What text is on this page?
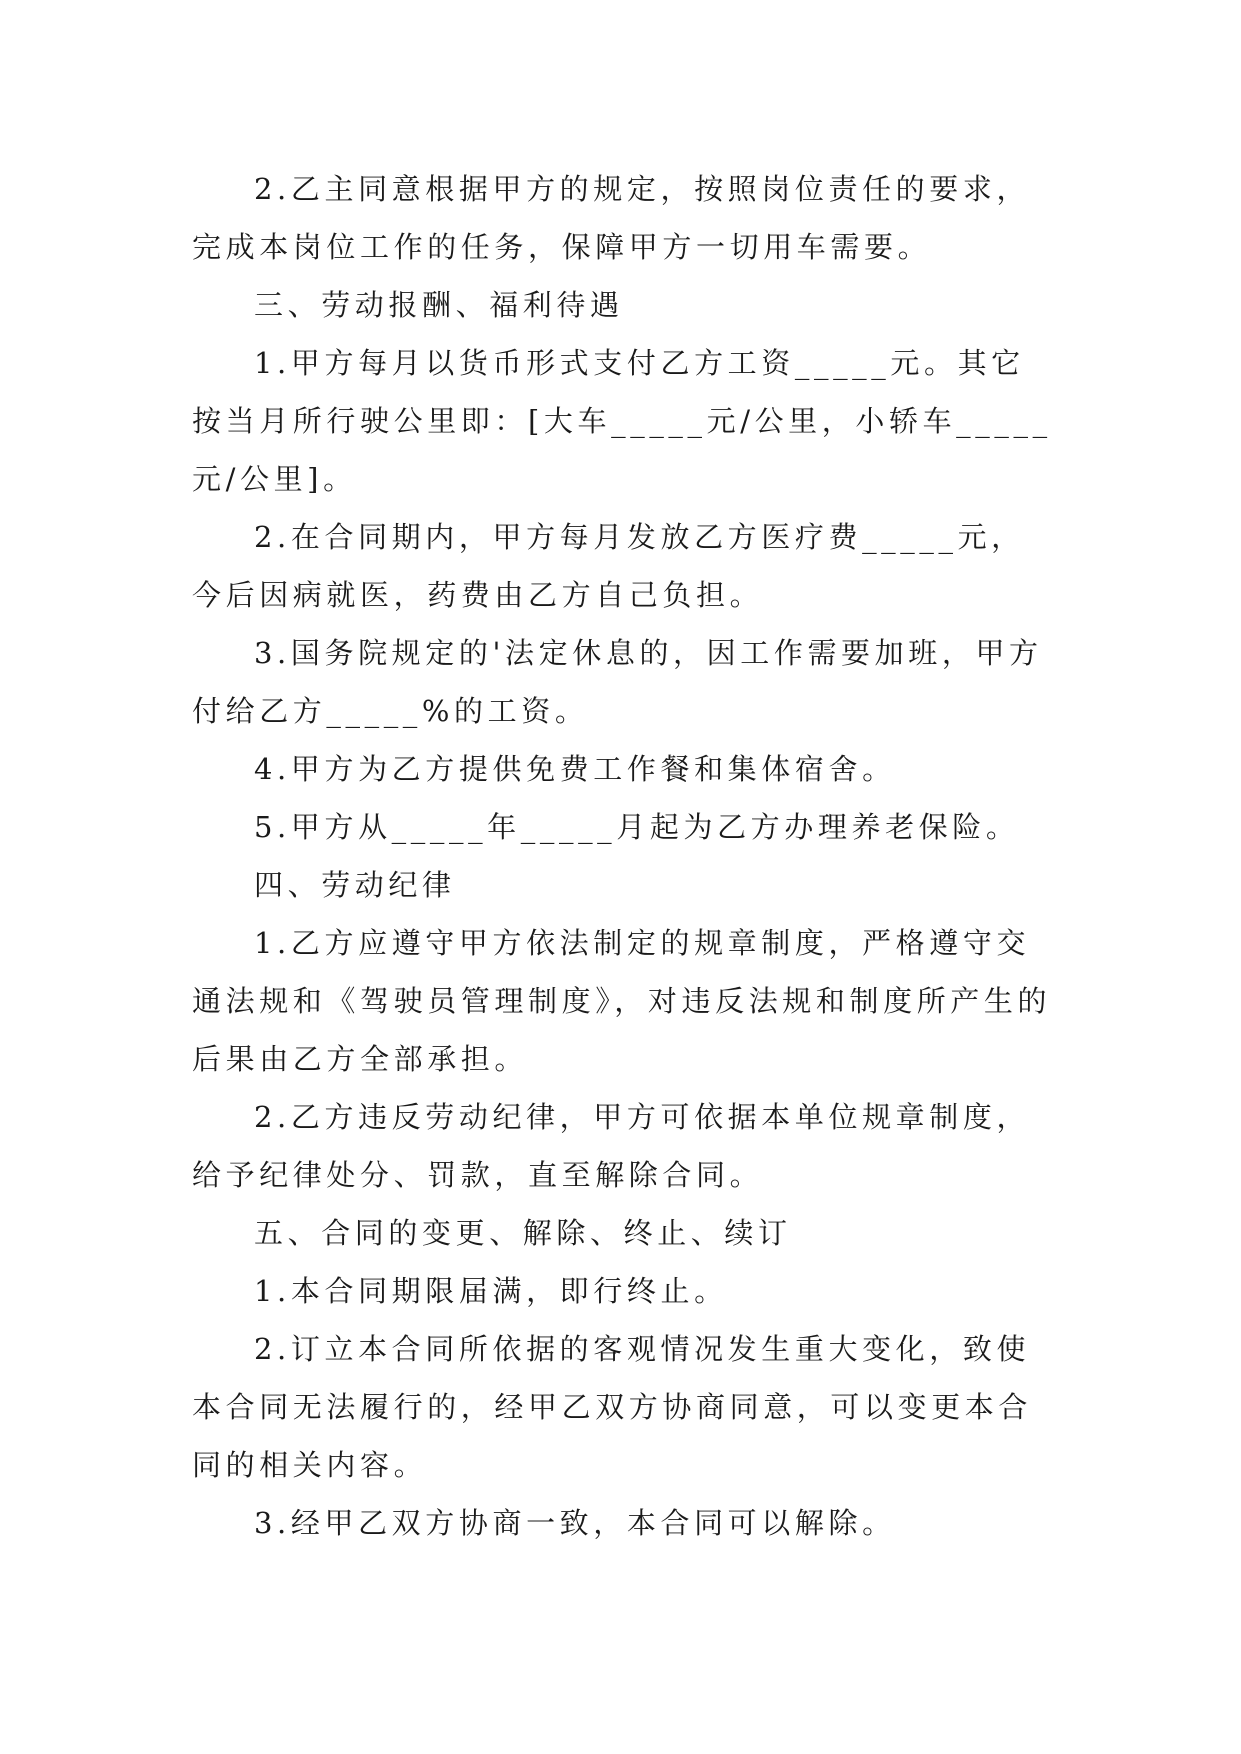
2.乙主同意根据甲方的规定，按照岗位责任的要求，完成本岗位工作的任务，保障甲方一切用车需要。

三、劳动报酬、福利待遇

1.甲方每月以货币形式支付乙方工资_____元。其它按当月所行驶公里即：[大车_____元/公里，小轿车_____元/公里]。

2.在合同期内，甲方每月发放乙方医疗费_____元，今后因病就医，药费由乙方自己负担。

3.国务院规定的'法定休息的，因工作需要加班，甲方付给乙方_____%的工资。

4.甲方为乙方提供免费工作餐和集体宿舍。

5.甲方从_____年_____月起为乙方办理养老保险。

四、劳动纪律

1.乙方应遵守甲方依法制定的规章制度，严格遵守交通法规和《驾驶员管理制度》，对违反法规和制度所产生的后果由乙方全部承担。

2.乙方违反劳动纪律，甲方可依据本单位规章制度，给予纪律处分、罚款，直至解除合同。

五、合同的变更、解除、终止、续订

1.本合同期限届满，即行终止。

2.订立本合同所依据的客观情况发生重大变化，致使本合同无法履行的，经甲乙双方协商同意，可以变更本合同的相关内容。

3.经甲乙双方协商一致，本合同可以解除。
